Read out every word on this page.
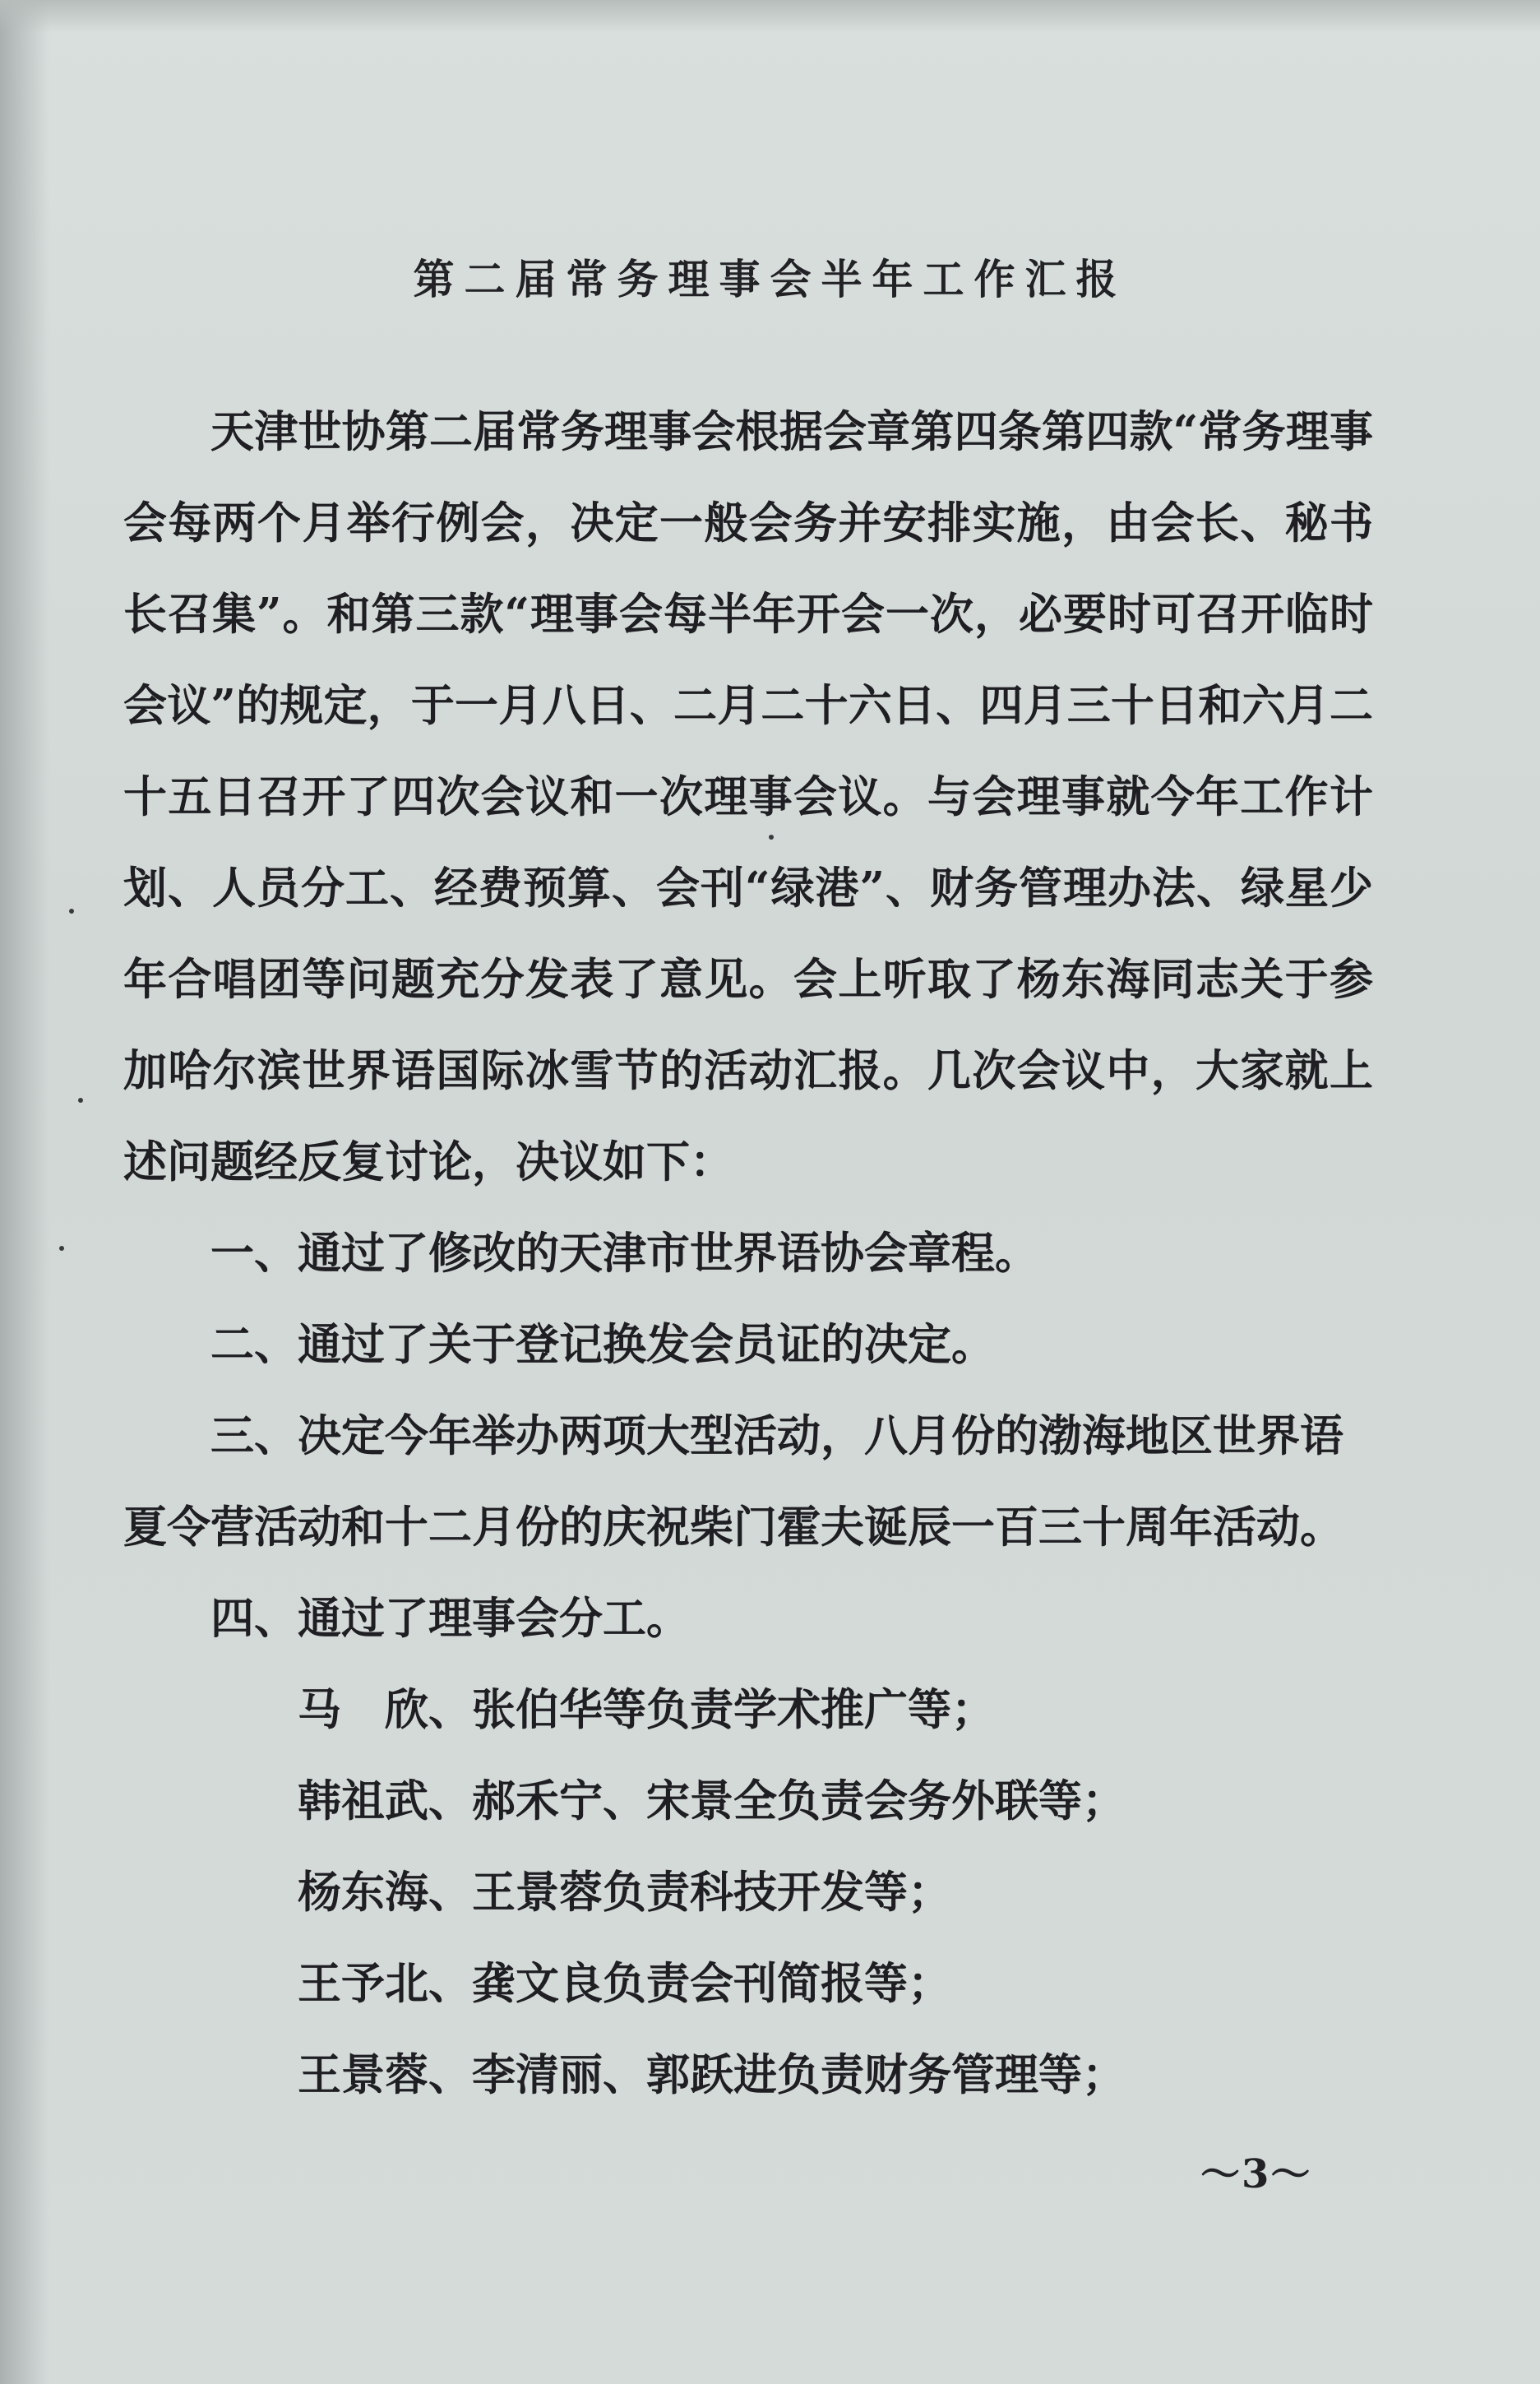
第二届常务理事会半年工作汇报

天津世协第二届常务理事会根据会章第四条第四款“常务理事会每两个月举行例会，决定一般会务并安排实施，由会长、秘书长召集”。和第三款“理事会每半年开会一次，必要时可召开临时会议”的规定，于一月八日、二月二十六日、四月三十日和六月二十五日召开了四次会议和一次理事会议。与会理事就今年工作计划、人员分工、经费预算、会刊“绿港”、财务管理办法、绿星少年合唱团等问题充分发表了意见。会上听取了杨东海同志关于参加哈尔滨世界语国际冰雪节的活动汇报。几次会议中，大家就上述问题经反复讨论，决议如下：

一、通过了修改的天津市世界语协会章程。

二、通过了关于登记换发会员证的决定。

三、决定今年举办两项大型活动，八月份的渤海地区世界语夏令营活动和十二月份的庆祝柴门霍夫诞辰一百三十周年活动。

四、通过了理事会分工。

马　欣、张伯华等负责学术推广等；

韩祖武、郝禾宁、宋景全负责会务外联等；

杨东海、王景蓉负责科技开发等；

王予北、龚文良负责会刊简报等；

王景蓉、李清丽、郭跃进负责财务管理等；

～3～
